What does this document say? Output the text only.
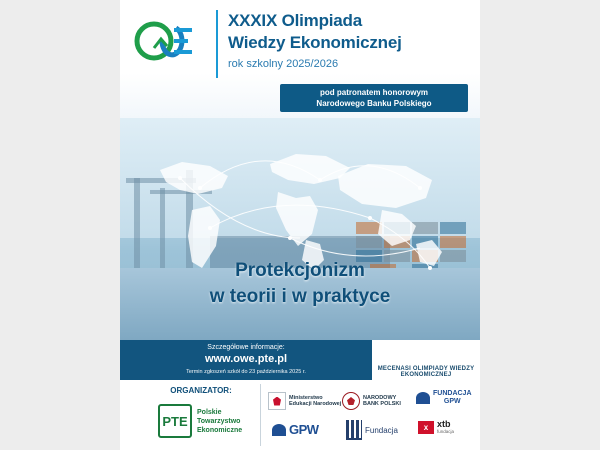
XXXIX Olimpiada
Wiedzy Ekonomicznej
rok szkolny 2025/2026
pod patronatem honorowym
Narodowego Banku Polskiego
Protekcjonizm
w teorii i w praktyce
Szczegółowe informacje:
www.owe.pte.pl
Termin zgłoszeń szkół do 23 października 2025 r.	MECENASI OLIMPIADY WIEDZY EKONOMICZNEJ
ORGANIZATOR:
PTE
Polskie
Towarzystwo
Ekonomiczne
Ministerstwo
Edukacji Narodowej
NARODOWY
BANK POLSKI
FUNDACJA
GPW
GPW	Fundacja	x xtb
fundacja
